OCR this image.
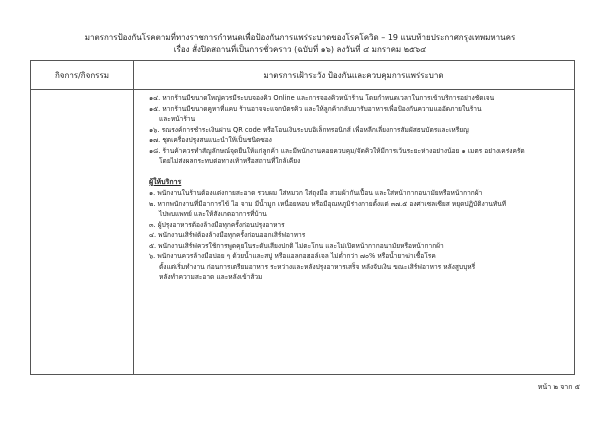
มาตรการป้องกันโรคตามที่ทางราชการกำหนดเพื่อป้องกันการแพร่ระบาดของโรคโควิด – 19 แนบท้ายประกาศกรุงเทพมหานคร
เรื่อง สั่งปิดสถานที่เป็นการชั่วคราว (ฉบับที่ ๑๖) ลงวันที่ ๔ มกราคม ๒๕๖๔
กิจการ/กิจกรรม	มาตรการเฝ้าระวัง ป้องกันและควบคุมการแพร่ระบาด
๑๔. หากร้านมีขนาดใหญ่ควรมีระบบจองคิว Online และการจองคิวหน้าร้าน โดยกำหนดเวลาในการเข้าบริการอย่างชัดเจน
๑๕. หากร้านมีขนาดคูหาที่แคบ ร้านอาจจะแจกบัตรคิว และให้ลูกค้ากลับมารับอาหารเพื่อป้องกันความแออัดภายในร้าน
และหน้าร้าน
๑๖. รณรงค์การชำระเงินผ่าน QR code หรือโอนเงินระบบอิเล็กทรอนิกส์ เพื่อหลีกเลี่ยงการสัมผัสธนบัตรและเหรียญ
๑๗. ชุดเครื่องปรุงสนแนะนำให้เป็นชนิดซอง
๑๘. ร้านค้าควรทำสัญลักษณ์จุดยืนให้แก่ลูกค้า และมีพนักงานคอยควบคุม/จัดคิวให้มีการเว้นระยะห่างอย่างน้อย ๑ เมตร อย่างเคร่งครัด
โดยไม่ส่งผลกระทบต่อทางเท้าหรือสถานที่ใกล้เคียง
ผู้ให้บริการ
๑. พนักงานในร้านต้องแต่งกายสะอาด รวบผม ใส่หมวก ใส่ถุงมือ สวมผ้ากันเปื้อน และใส่หน้ากากอนามัยหรือหน้ากากผ้า
๒. หากพนักงานที่มีอาการไข้ ไอ จาม มีน้ำมูก เหนื่อยหอบ หรือมีอุณหภูมิร่างกายตั้งแต่ ๓๗.๕ องศาเซลเซียส หยุดปฏิบัติงานทันที
ไปพบแพทย์ และให้สังเกตอาการที่บ้าน
๓. ผู้ปรุงอาหารต้องล้างมือทุกครั้งก่อนปรุงอาหาร
๔. พนักงานเสิร์ฟต้องล้างมือทุกครั้งก่อนออกเสิร์ฟอาหาร
๕. พนักงานเสิร์ฟควรใช้การพูดคุยในระดับเสียงปกติ ไม่ตะโกน และไม่เปิดหน้ากากอนามัยหรือหน้ากากผ้า
๖. พนักงานควรล้างมือบ่อย ๆ ด้วยน้ำและสบู่ หรือแอลกอฮอล์เจล ไม่ต่ำกว่า ๗๐% หรือน้ำยาฆ่าเชื้อโรค
ตั้งแต่เริ่มทำงาน ก่อนการเตรียมอาหาร ระหว่างและหลังปรุงอาหารเสร็จ หลังจับเงิน ขณะเสิร์ฟอาหาร หลังสูบบุหรี่
หลังทำความสะอาด และหลังเข้าส้วม
หน้า ๒ จาก ๕
